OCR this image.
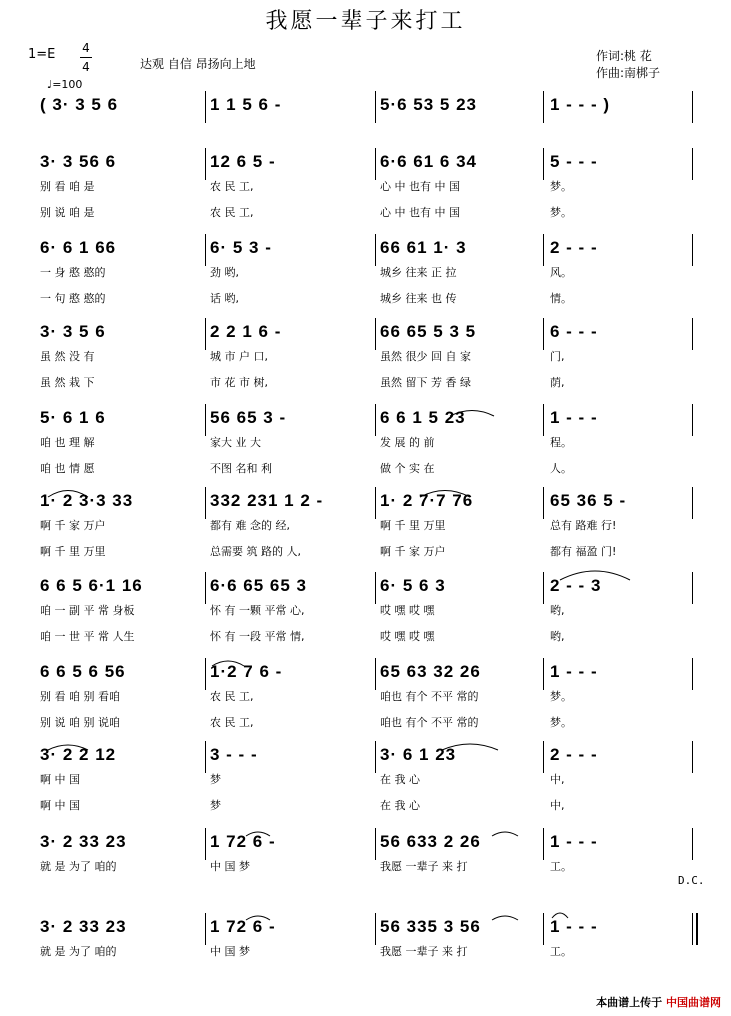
我愿一辈子来打工
1=E 4
4	达观 自信 昂扬向上地
♩=100
作词:桃 花
作曲:南梆子
( 3· 3 5 6	1 1 5 6 -	5·6 53 5 23	1 - - - )
3· 3 56 6	12 6 5 -	6·6 61 6 34	5 - - -
别 看 咱 是	农 民 工,	心 中 也有 中 国	梦。
别 说 咱 是	农 民 工,	心 中 也有 中 国	梦。
6· 6 1 66	6· 5 3 -	66 61 1· 3	2 - - -
一 身 憨 憨的	劲 哟,	城乡 往来 正 拉	风。
一 句 憨 憨的	话 哟,	城乡 往来 也 传	情。
3· 3 5 6	2 2 1 6 -	66 65 5 3 5	6 - - -
虽 然 没 有	城 市 户 口,	虽然 很少 回 自 家	门,
虽 然 栽 下	市 花 市 树,	虽然 留下 芳 香 绿	荫,
5· 6 1 6	56 65 3 -	6 6 1 5 23	1 - - -
咱 也 理 解	家大 业 大	发 展 的 前	程。
咱 也 情 愿	不图 名和 利	做 个 实 在	人。
1· 2 3·3 33	332 231 1 2 -	1· 2 7·7 76	65 36 5 -
啊 千 家 万户	都有 难 念的 经,	啊 千 里 万里	总有 路难 行!
啊 千 里 万里	总需要 筑 路的 人,	啊 千 家 万户	都有 福盈 门!
6 6 5 6·1 16	6·6 65 65 3	6· 5 6 3	2 - - 3
咱 一 副 平 常 身板	怀 有 一颗 平常 心,	哎 嘿 哎 嘿	哟,
咱 一 世 平 常 人生	怀 有 一段 平常 情,	哎 嘿 哎 嘿	哟,
6 6 5 6 56	1·2 7 6 -	65 63 32 26	1 - - -
别 看 咱 别 看咱	农 民 工,	咱也 有个 不平 常的	梦。
别 说 咱 别 说咱	农 民 工,	咱也 有个 不平 常的	梦。
3· 2 2 12	3 - - -	3· 6 1 23	2 - - -
啊 中 国	梦	在 我 心	中,
啊 中 国	梦	在 我 心	中,
3· 2 33 23	1 72 6 -	56 633 2 26	1 - - -
就 是 为了 咱的	中 国 梦	我愿 一辈子 来 打	工。
3· 2 33 23	1 72 6 -	56 335 3 56	1 - - -
就 是 为了 咱的	中 国 梦	我愿 一辈子 来 打	工。
D.C.
本曲谱上传于 中国曲谱网
